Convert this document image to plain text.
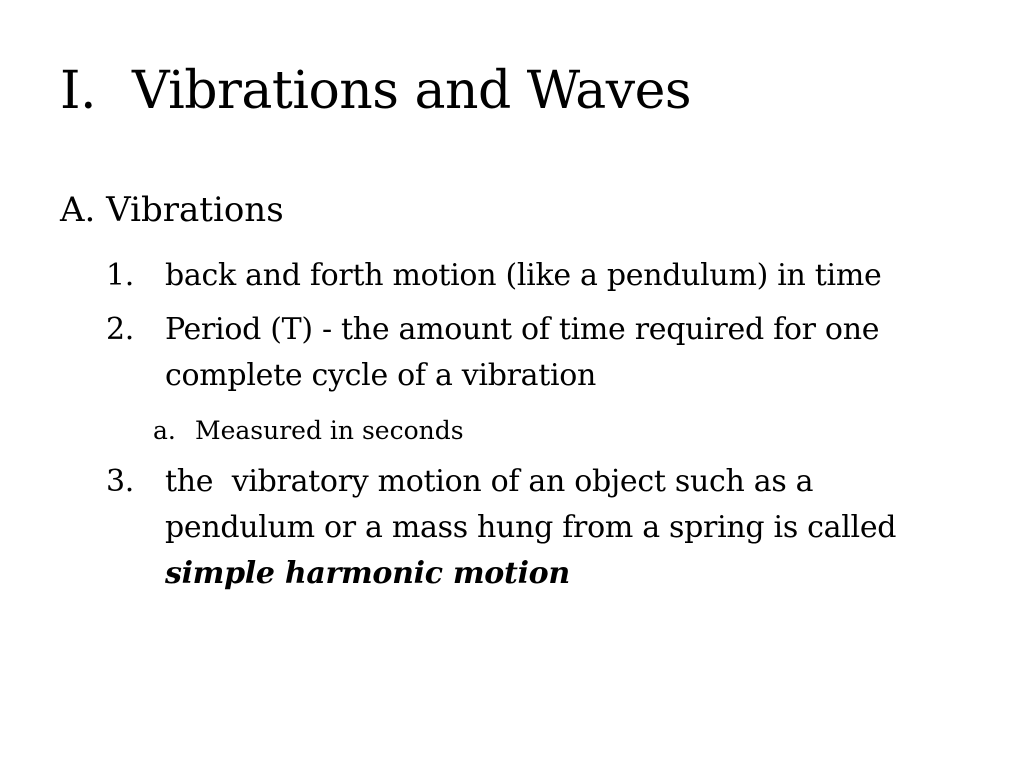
I. Vibrations and Waves
A. Vibrations
1. back and forth motion (like a pendulum) in time
2. Period (T) - the amount of time required for one complete cycle of a vibration
a. Measured in seconds
3. the  vibratory motion of an object such as a pendulum or a mass hung from a spring is called simple harmonic motion
